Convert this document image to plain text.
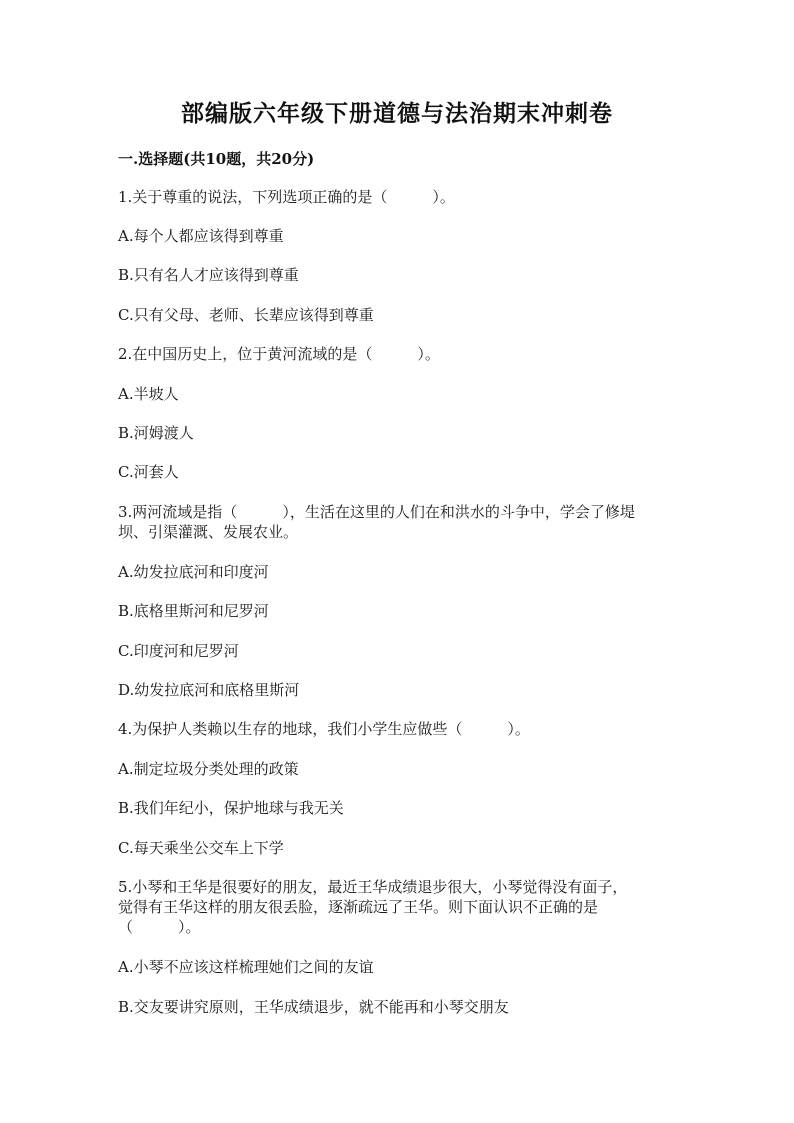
部编版六年级下册道德与法治期末冲刺卷
一.选择题(共10题，共20分)
1.关于尊重的说法，下列选项正确的是（　　　）。
A.每个人都应该得到尊重
B.只有名人才应该得到尊重
C.只有父母、老师、长辈应该得到尊重
2.在中国历史上，位于黄河流域的是（　　　）。
A.半坡人
B.河姆渡人
C.河套人
3.两河流域是指（　　　），生活在这里的人们在和洪水的斗争中，学会了修堤
坝、引渠灌溉、发展农业。
A.幼发拉底河和印度河
B.底格里斯河和尼罗河
C.印度河和尼罗河
D.幼发拉底河和底格里斯河
4.为保护人类赖以生存的地球，我们小学生应做些（　　　）。
A.制定垃圾分类处理的政策
B.我们年纪小，保护地球与我无关
C.每天乘坐公交车上下学
5.小琴和王华是很要好的朋友，最近王华成绩退步很大，小琴觉得没有面子，
觉得有王华这样的朋友很丢脸，逐渐疏远了王华。则下面认识不正确的是
（　　　）。
A.小琴不应该这样梳理她们之间的友谊
B.交友要讲究原则，王华成绩退步，就不能再和小琴交朋友
